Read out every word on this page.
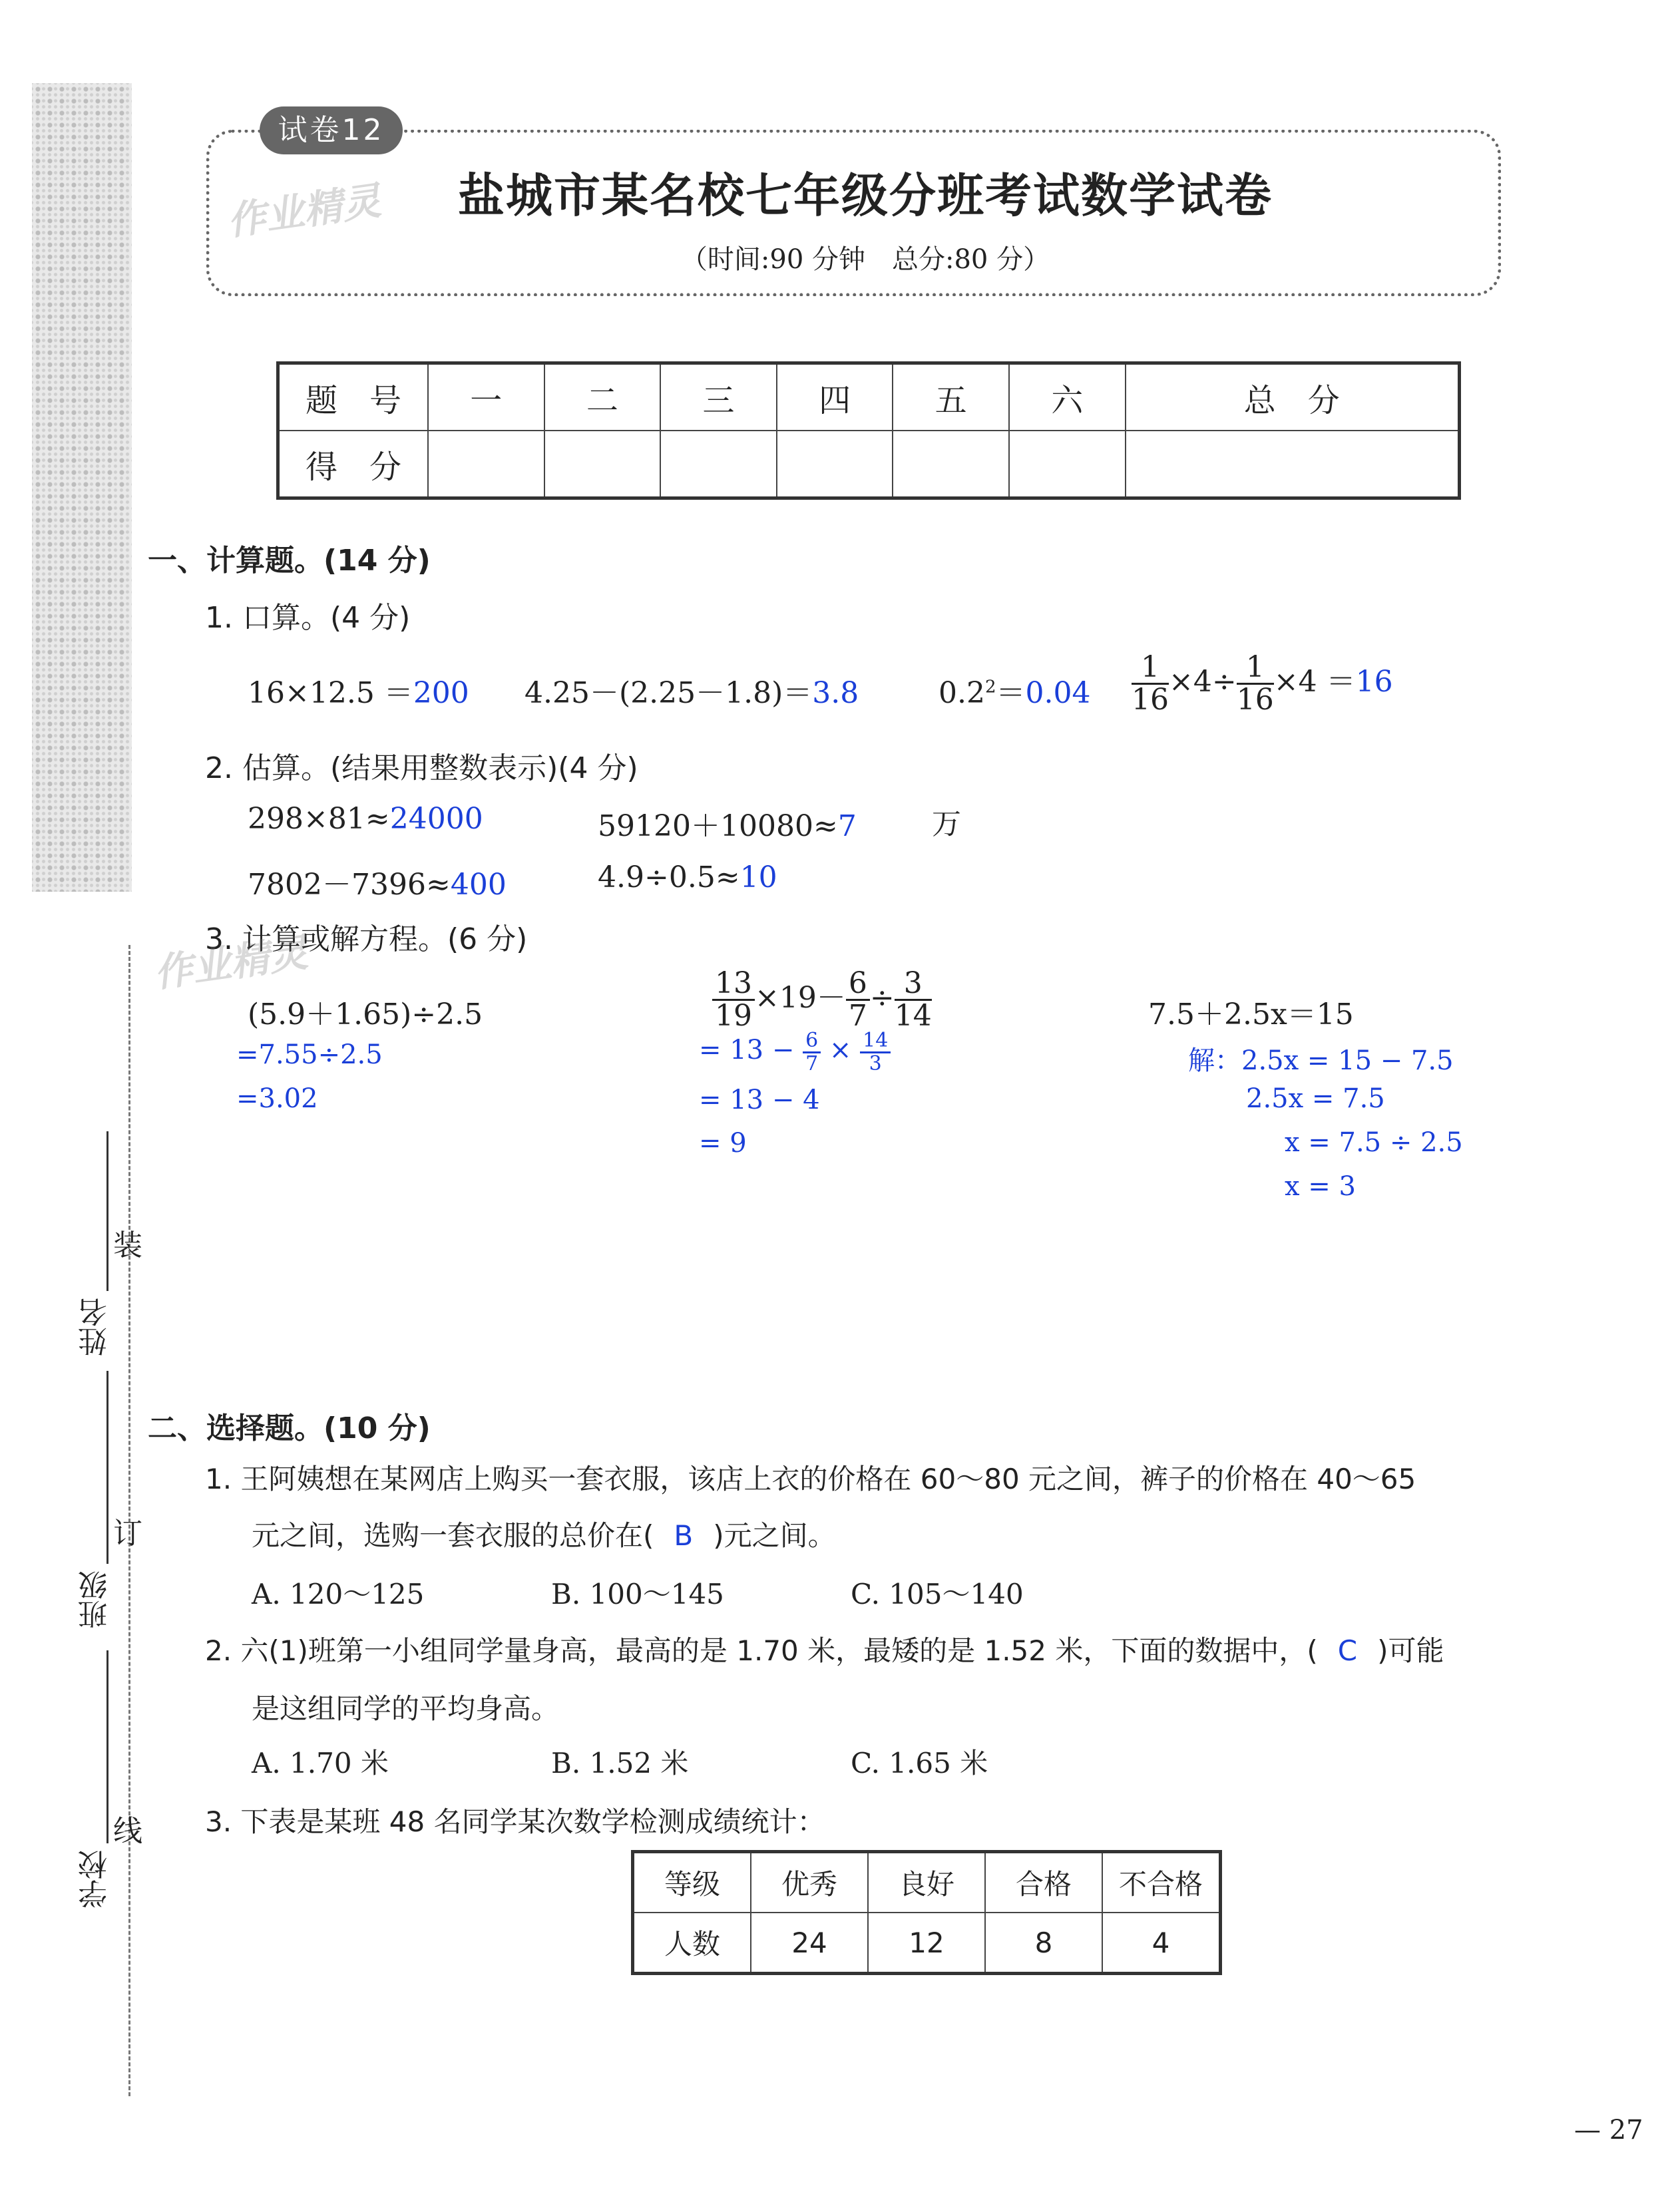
试卷12
作业精灵	盐城市某名校七年级分班考试数学试卷
（时间:90 分钟　总分:80 分）
题　号	一	二	三	四	五	六	总　分
得　分							
一、计算题。(14 分)
1. 口算。(4 分)
16×12.5 ＝200 4.25－(2.25－1.8)＝3.8	$0.2^2=0.04 \frac{1}{16} \times 4\div \frac{1}{16} \times 4 =16$
2. 估算。(结果用整数表示)(4 分)
298×81≈24000	59120＋10080≈7	万
7802－7396≈400	4.9÷0.5≈10
3. 计算或解方程。(6 分)
作业精灵
(5.9＋1.65)÷2.5
=7.55÷2.5
=3.02
$\frac{13}{19} \times 19- \frac{6}{7} \div \frac{3}{14}$
= $13 - \frac{6}{7} \times \frac{14}{3}$
= 13 − 4
= 9
7.5＋2.5x＝15
解：2.5x = 15 − 7.5
2.5x = 7.5
x = 7.5 ÷ 2.5
x = 3
二、选择题。(10 分)
1. 王阿姨想在某网店上购买一套衣服，该店上衣的价格在 60～80 元之间，裤子的价格在 40～65
元之间，选购一套衣服的总价在( B )元之间。
A. 120～125	B. 100～145	C. 105～140
2. 六(1)班第一小组同学量身高，最高的是 1.70 米，最矮的是 1.52 米，下面的数据中，( C )可能
是这组同学的平均身高。
A. 1.70 米	B. 1.52 米	C. 1.65 米
3. 下表是某班 48 名同学某次数学检测成绩统计：
等级	优秀	良好	合格	不合格
人数	24	12	8	4
装
订
线
姓名
班级
学校
— 27
